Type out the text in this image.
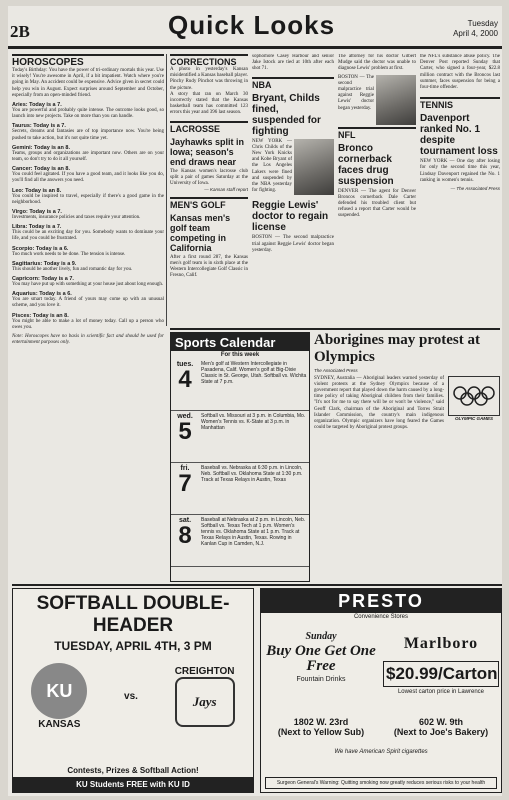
2B	Quick Looks	Tuesday
April 4, 2000
HOROSCOPES
Today's Birthday: You have the power of tri-ordinary mortals this year. Use it wisely! You're awesome in April, if a bit impatient. Watch where you're going in May. An accident could be expensive. Advice given in secret could help you win in August. Expect surprises around September and October, especially from an open-minded friend.
Aries: Today is a 7.
You are powerful and probably quite intense. The outcome looks good, so launch into new projects. Take on more than you can handle.
Taurus: Today is a 7.
Secrets, dreams and fantasies are of top importance now. You're being pushed to take action, but it's not quite time yet.
Gemini: Today is an 8.
Teams, groups and organizations are important now. Others are on your team, so don't try to do it all yourself.
Cancer: Today is an 8.
You could feel agitated. If you have a good team, and it looks like you do, you'll find all the answers you need.
Leo: Today is an 8.
You could be inspired to travel, especially if there's a good game in the neighborhood.
Virgo: Today is a 7.
Investments, insurance policies and taxes require your attention.
Libra: Today is a 7.
This could be an exciting day for you. Somebody wants to dominate your life, and you could be frustrated.
Scorpio: Today is a 6.
Too much work needs to be done. The tension is intense.
Sagittarius: Today is a 9.
This should be another lively, fun and romantic day for you.
Capricorn: Today is a 7.
You may have put up with something at your house just about long enough.
Aquarius: Today is a 6.
You are smart today. A friend of yours may come up with an unusual scheme, and you love it.
Pisces: Today is an 8.
You might be able to make a lot of money today. Call up a person who owes you.
Note: Horoscopes have no basis in scientific fact and should be used for entertainment purposes only.
CORRECTIONS
A photo in yesterday's Kansan misidentified a Kansas baseball player. Pinchy Rudy Pinchot was throwing in the picture.
A story that ran on March 30 incorrectly stated that the Kansas basketball team has committed 123 errors this year and 396 last season.
LACROSSE
Jayhawks split in Iowa; season's end draws near
The Kansas women's lacrosse club split a pair of games Saturday at the University of Iowa.
— Kansan staff report
MEN'S GOLF
Kansas men's golf team competing in California
After a first round 287, the Kansas men's golf team is in sixth place at the Western Intercollegiate Golf Classic in Fresno, Calif.
sophomore Casey Harbour and senior Jake Istock are tied at 10th after each shot 71.
NBA
Bryant, Childs fined, suspended for fighting
NEW YORK — Chris Childs of the New York Knicks and Kobe Bryant of the Los Angeles Lakers were fined and suspended by the NBA yesterday for fighting.
Reggie Lewis' doctor to regain license
BOSTON — The second malpractice trial against Reggie Lewis' doctor began yesterday.
The attorney for his doctor Gilbert Mudge said the doctor was unable to diagnose Lewis' problem at first.
BOSTON — The second malpractice trial against Reggie Lewis' doctor began yesterday.
NFL
Bronco cornerback faces drug suspension
DENVER — The agent for Denver Broncos cornerback Dale Carter defended his troubled client but refused a report that Carter would be suspended.
the NFL's substance abuse policy. The Denver Post reported Sunday that Carter, who signed a four-year, $22.8 million contract with the Broncos last summer, faces suspension for being a four-time offender.
TENNIS
Davenport ranked No. 1 despite tournament loss
NEW YORK — One day after losing for only the second time this year, Lindsay Davenport regained the No. 1 ranking in women's tennis.
— The Associated Press
Sports Calendar
For this week
tues.
4
Men's golf at Western Intercollegiate in Pasadena, Calif. Women's golf at Big-Dixie Classic in St. George, Utah. Softball vs. Wichita State at 7 p.m.
wed.
5
Softball vs. Missouri at 3 p.m. in Columbia, Mo. Women's Tennis vs. K-State at 3 p.m. in Manhattan
fri.
7
Baseball vs. Nebraska at 6:30 p.m. in Lincoln, Neb. Softball vs. Oklahoma State at 1:30 p.m. Track at Texas Relays in Austin, Texas
sat.
8
Baseball at Nebraska at 2 p.m. in Lincoln, Neb. Softball vs. Texas Tech at 1 p.m. Women's tennis vs. Oklahoma State at 1 p.m. Track at Texas Relays in Austin, Texas. Rowing in Kanlan Cup in Camden, N.J.
Aborigines may protest at Olympics
The Associated Press
SYDNEY, Australia — Aboriginal leaders warned yesterday of violent protests at the Sydney Olympics because of a government report that played down the harm caused by a long-time policy of taking Aboriginal children from their families. "It's not for me to say there will be or won't be violence," said Geoff Clark, chairman of the Aboriginal and Torres Strait Islander Commission, the country's main indigenous organization. Olympic organizers have long feared the Games could be targeted by Aboriginal protest groups.
OLYMPIC GAMES
SOFTBALL DOUBLE-HEADER
TUESDAY, APRIL 4TH, 3 PM
KU
KANSAS
vs.
CREIGHTON
Jays
Contests, Prizes & Softball Action!
KU Students FREE with KU ID
PRESTO
Convenience Stores
Sunday
Buy One Get One Free
Fountain Drinks
Marlboro
$20.99/Carton
Lowest carton price in Lawrence
1802 W. 23rd
(Next to Yellow Sub)
602 W. 9th
(Next to Joe's Bakery)
We have American Spirit cigarettes
Surgeon General's Warning: Quitting smoking now greatly reduces serious risks to your health
